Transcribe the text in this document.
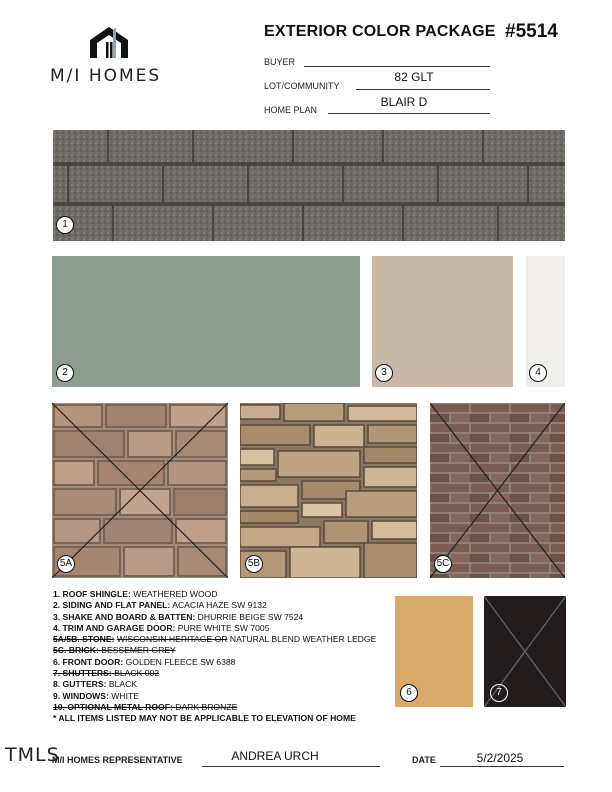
M/I HOMES
EXTERIOR COLOR PACKAGE #5514
BUYER
LOT/COMMUNITY
82 GLT
HOME PLAN
BLAIR D
1
2	3	4
5A	5B	5C
6	7
1. ROOF SHINGLE: WEATHERED WOOD
2. SIDING AND FLAT PANEL: ACACIA HAZE SW 9132
3. SHAKE AND BOARD & BATTEN: DHURRIE BEIGE SW 7524
4. TRIM AND GARAGE DOOR: PURE WHITE SW 7005
5A/5B. STONE: WISCONSIN HERITAGE OR NATURAL BLEND WEATHER LEDGE
5C. BRICK: BESSEMER GREY
6. FRONT DOOR: GOLDEN FLEECE SW 6388
7. SHUTTERS: BLACK 002
8. GUTTERS: BLACK
9. WINDOWS: WHITE
10. OPTIONAL METAL ROOF: DARK BRONZE
* ALL ITEMS LISTED MAY NOT BE APPLICABLE TO ELEVATION OF HOME
TMLS
M/I HOMES REPRESENTATIVE	ANDREA URCH	DATE	5/2/2025
